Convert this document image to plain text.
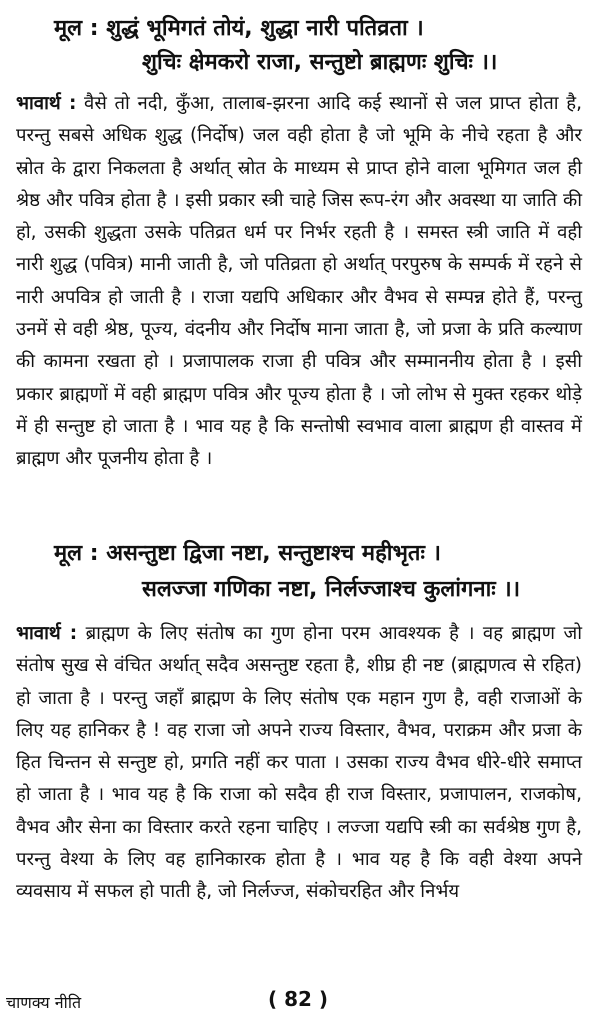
मूल : शुद्धं भूमिगतं तोयं, शुद्धा नारी पतिव्रता ।
शुचिः क्षेमकरो राजा, सन्तुष्टो ब्राह्मणः शुचिः ।।
भावार्थ : वैसे तो नदी, कुँआ, तालाब-झरना आदि कई स्थानों से जल प्राप्त होता है, परन्तु सबसे अधिक शुद्ध (निर्दोष) जल वही होता है जो भूमि के नीचे रहता है और स्रोत के द्वारा निकलता है अर्थात् स्रोत के माध्यम से प्राप्त होने वाला भूमिगत जल ही श्रेष्ठ और पवित्र होता है । इसी प्रकार स्त्री चाहे जिस रूप-रंग और अवस्था या जाति की हो, उसकी शुद्धता उसके पतिव्रत धर्म पर निर्भर रहती है । समस्त स्त्री जाति में वही नारी शुद्ध (पवित्र) मानी जाती है, जो पतिव्रता हो अर्थात् परपुरुष के सम्पर्क में रहने से नारी अपवित्र हो जाती है । राजा यद्यपि अधिकार और वैभव से सम्पन्न होते हैं, परन्तु उनमें से वही श्रेष्ठ, पूज्य, वंदनीय और निर्दोष माना जाता है, जो प्रजा के प्रति कल्याण की कामना रखता हो । प्रजापालक राजा ही पवित्र और सम्माननीय होता है । इसी प्रकार ब्राह्मणों में वही ब्राह्मण पवित्र और पूज्य होता है । जो लोभ से मुक्त रहकर थोड़े में ही सन्तुष्ट हो जाता है । भाव यह है कि सन्तोषी स्वभाव वाला ब्राह्मण ही वास्तव में ब्राह्मण और पूजनीय होता है ।
मूल : असन्तुष्टा द्विजा नष्टा, सन्तुष्टाश्च महीभृतः ।
सलज्जा गणिका नष्टा, निर्लज्जाश्च कुलांगनाः ।।
भावार्थ : ब्राह्मण के लिए संतोष का गुण होना परम आवश्यक है । वह ब्राह्मण जो संतोष सुख से वंचित अर्थात् सदैव असन्तुष्ट रहता है, शीघ्र ही नष्ट (ब्राह्मणत्व से रहित) हो जाता है । परन्तु जहाँ ब्राह्मण के लिए संतोष एक महान गुण है, वही राजाओं के लिए यह हानिकर है ! वह राजा जो अपने राज्य विस्तार, वैभव, पराक्रम और प्रजा के हित चिन्तन से सन्तुष्ट हो, प्रगति नहीं कर पाता । उसका राज्य वैभव धीरे-धीरे समाप्त हो जाता है । भाव यह है कि राजा को सदैव ही राज विस्तार, प्रजापालन, राजकोष, वैभव और सेना का विस्तार करते रहना चाहिए । लज्जा यद्यपि स्त्री का सर्वश्रेष्ठ गुण है, परन्तु वेश्या के लिए वह हानिकारक होता है । भाव यह है कि वही वेश्या अपने व्यवसाय में सफल हो पाती है, जो निर्लज्ज, संकोचरहित और निर्भय
चाणक्य नीति	( 82 )
